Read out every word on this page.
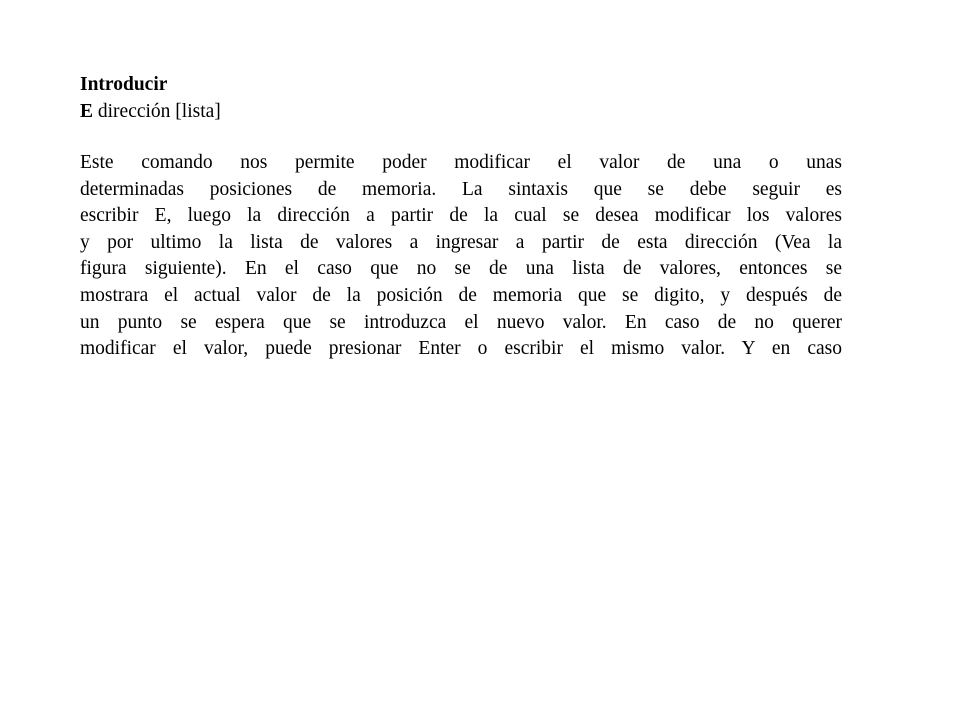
Introducir

E dirección [lista]

Este comando nos permite poder modificar el valor de una o unas
determinadas posiciones de memoria. La sintaxis que se debe seguir es
escribir E, luego la dirección a partir de la cual se desea modificar los valores
y por ultimo la lista de valores a ingresar a partir de esta dirección (Vea la
figura siguiente). En el caso que no se de una lista de valores, entonces se
mostrara el actual valor de la posición de memoria que se digito, y después de
un punto se espera que se introduzca el nuevo valor. En caso de no querer
modificar el valor, puede presionar Enter o escribir el mismo valor. Y en caso
